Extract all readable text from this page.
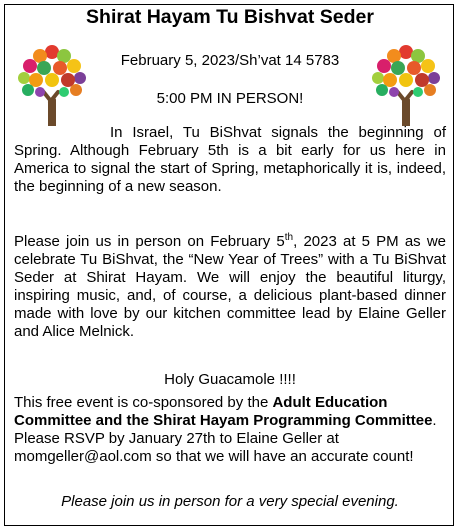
Shirat Hayam Tu Bishvat Seder
February 5, 2023/Sh’vat 14 5783
5:00 PM IN PERSON!
In Israel, Tu BiShvat signals the beginning of Spring. Although February 5th is a bit early for us here in America to signal the start of Spring, metaphorically it is, indeed, the beginning of a new season.
Please join us in person on February 5th, 2023 at 5 PM as we celebrate Tu BiShvat, the “New Year of Trees” with a Tu BiShvat Seder at Shirat Hayam. We will enjoy the beautiful liturgy, inspiring music, and, of course, a delicious plant-based dinner made with love by our kitchen committee lead by Elaine Geller and Alice Melnick.
Holy Guacamole !!!!
This free event is co-sponsored by the Adult Education Committee and the Shirat Hayam Programming Committee. Please RSVP by January 27th to Elaine Geller at momgeller@aol.com so that we will have an accurate count!
Please join us in person for a very special evening.
